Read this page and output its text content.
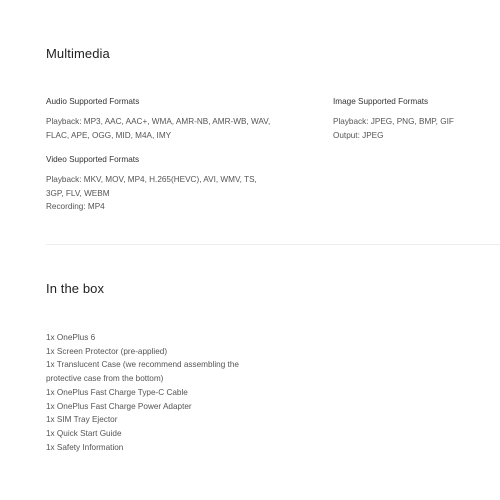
Multimedia
Audio Supported Formats
Playback: MP3, AAC, AAC+, WMA, AMR-NB, AMR-WB, WAV,
FLAC, APE, OGG, MID, M4A, IMY
Image Supported Formats
Playback: JPEG, PNG, BMP, GIF
Output: JPEG
Video Supported Formats
Playback: MKV, MOV, MP4, H.265(HEVC), AVI, WMV, TS,
3GP, FLV, WEBM
Recording: MP4
In the box
1x OnePlus 6
1x Screen Protector (pre-applied)
1x Translucent Case (we recommend assembling the
protective case from the bottom)
1x OnePlus Fast Charge Type-C Cable
1x OnePlus Fast Charge Power Adapter
1x SIM Tray Ejector
1x Quick Start Guide
1x Safety Information
